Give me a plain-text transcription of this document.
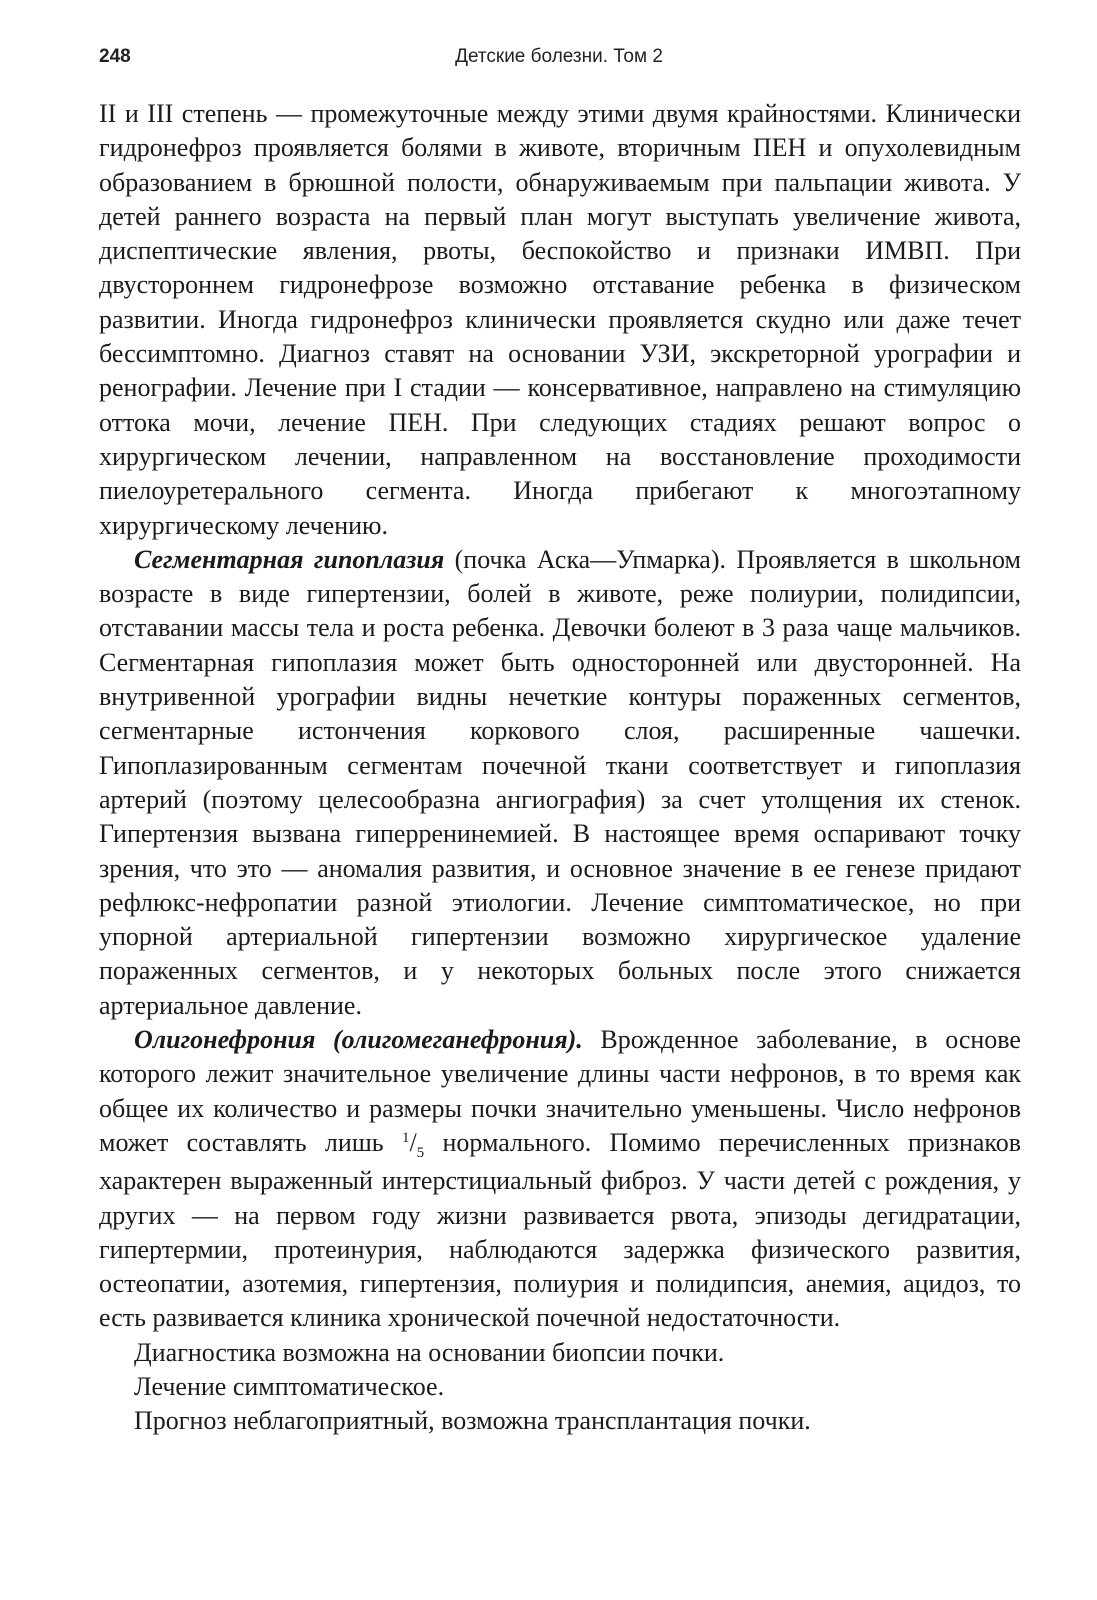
248	Детские болезни. Том 2

II и III степень — промежуточные между этими двумя крайностями. Клинически гидронефроз проявляется болями в животе, вторичным ПЕН и опухолевидным образованием в брюшной полости, обнаруживаемым при пальпации живота. У детей раннего возраста на первый план могут выступать увеличение живота, диспептические явления, рвоты, беспокойство и признаки ИМВП. При двустороннем гидронефрозе возможно отставание ребенка в физическом развитии. Иногда гидронефроз клинически проявляется скудно или даже течет бессимптомно. Диагноз ставят на основании УЗИ, экскреторной урографии и ренографии. Лечение при I стадии — консервативное, направлено на стимуляцию оттока мочи, лечение ПЕН. При следующих стадиях решают вопрос о хирургическом лечении, направленном на восстановление проходимости пиелоуретерального сегмента. Иногда прибегают к многоэтапному хирургическому лечению.

Сегментарная гипоплазия (почка Аска—Упмарка). Проявляется в школьном возрасте в виде гипертензии, болей в животе, реже полиурии, полидипсии, отставании массы тела и роста ребенка. Девочки болеют в 3 раза чаще мальчиков. Сегментарная гипоплазия может быть односторонней или двусторонней. На внутривенной урографии видны нечеткие контуры пораженных сегментов, сегментарные истончения коркового слоя, расширенные чашечки. Гипоплазированным сегментам почечной ткани соответствует и гипоплазия артерий (поэтому целесообразна ангиография) за счет утолщения их стенок. Гипертензия вызвана гиперренинемией. В настоящее время оспаривают точку зрения, что это — аномалия развития, и основное значение в ее генезе придают рефлюкс-нефропатии разной этиологии. Лечение симптоматическое, но при упорной артериальной гипертензии возможно хирургическое удаление пораженных сегментов, и у некоторых больных после этого снижается артериальное давление.

Олигонефрония (олигомеганефрония). Врожденное заболевание, в основе которого лежит значительное увеличение длины части нефронов, в то время как общее их количество и размеры почки значительно уменьшены. Число нефронов может составлять лишь 1/5 нормального. Помимо перечисленных признаков характерен выраженный интерстициальный фиброз. У части детей с рождения, у других — на первом году жизни развивается рвота, эпизоды дегидратации, гипертермии, протеинурия, наблюдаются задержка физического развития, остеопатии, азотемия, гипертензия, полиурия и полидипсия, анемия, ацидоз, то есть развивается клиника хронической почечной недостаточности.

Диагностика возможна на основании биопсии почки.

Лечение симптоматическое.

Прогноз неблагоприятный, возможна трансплантация почки.
